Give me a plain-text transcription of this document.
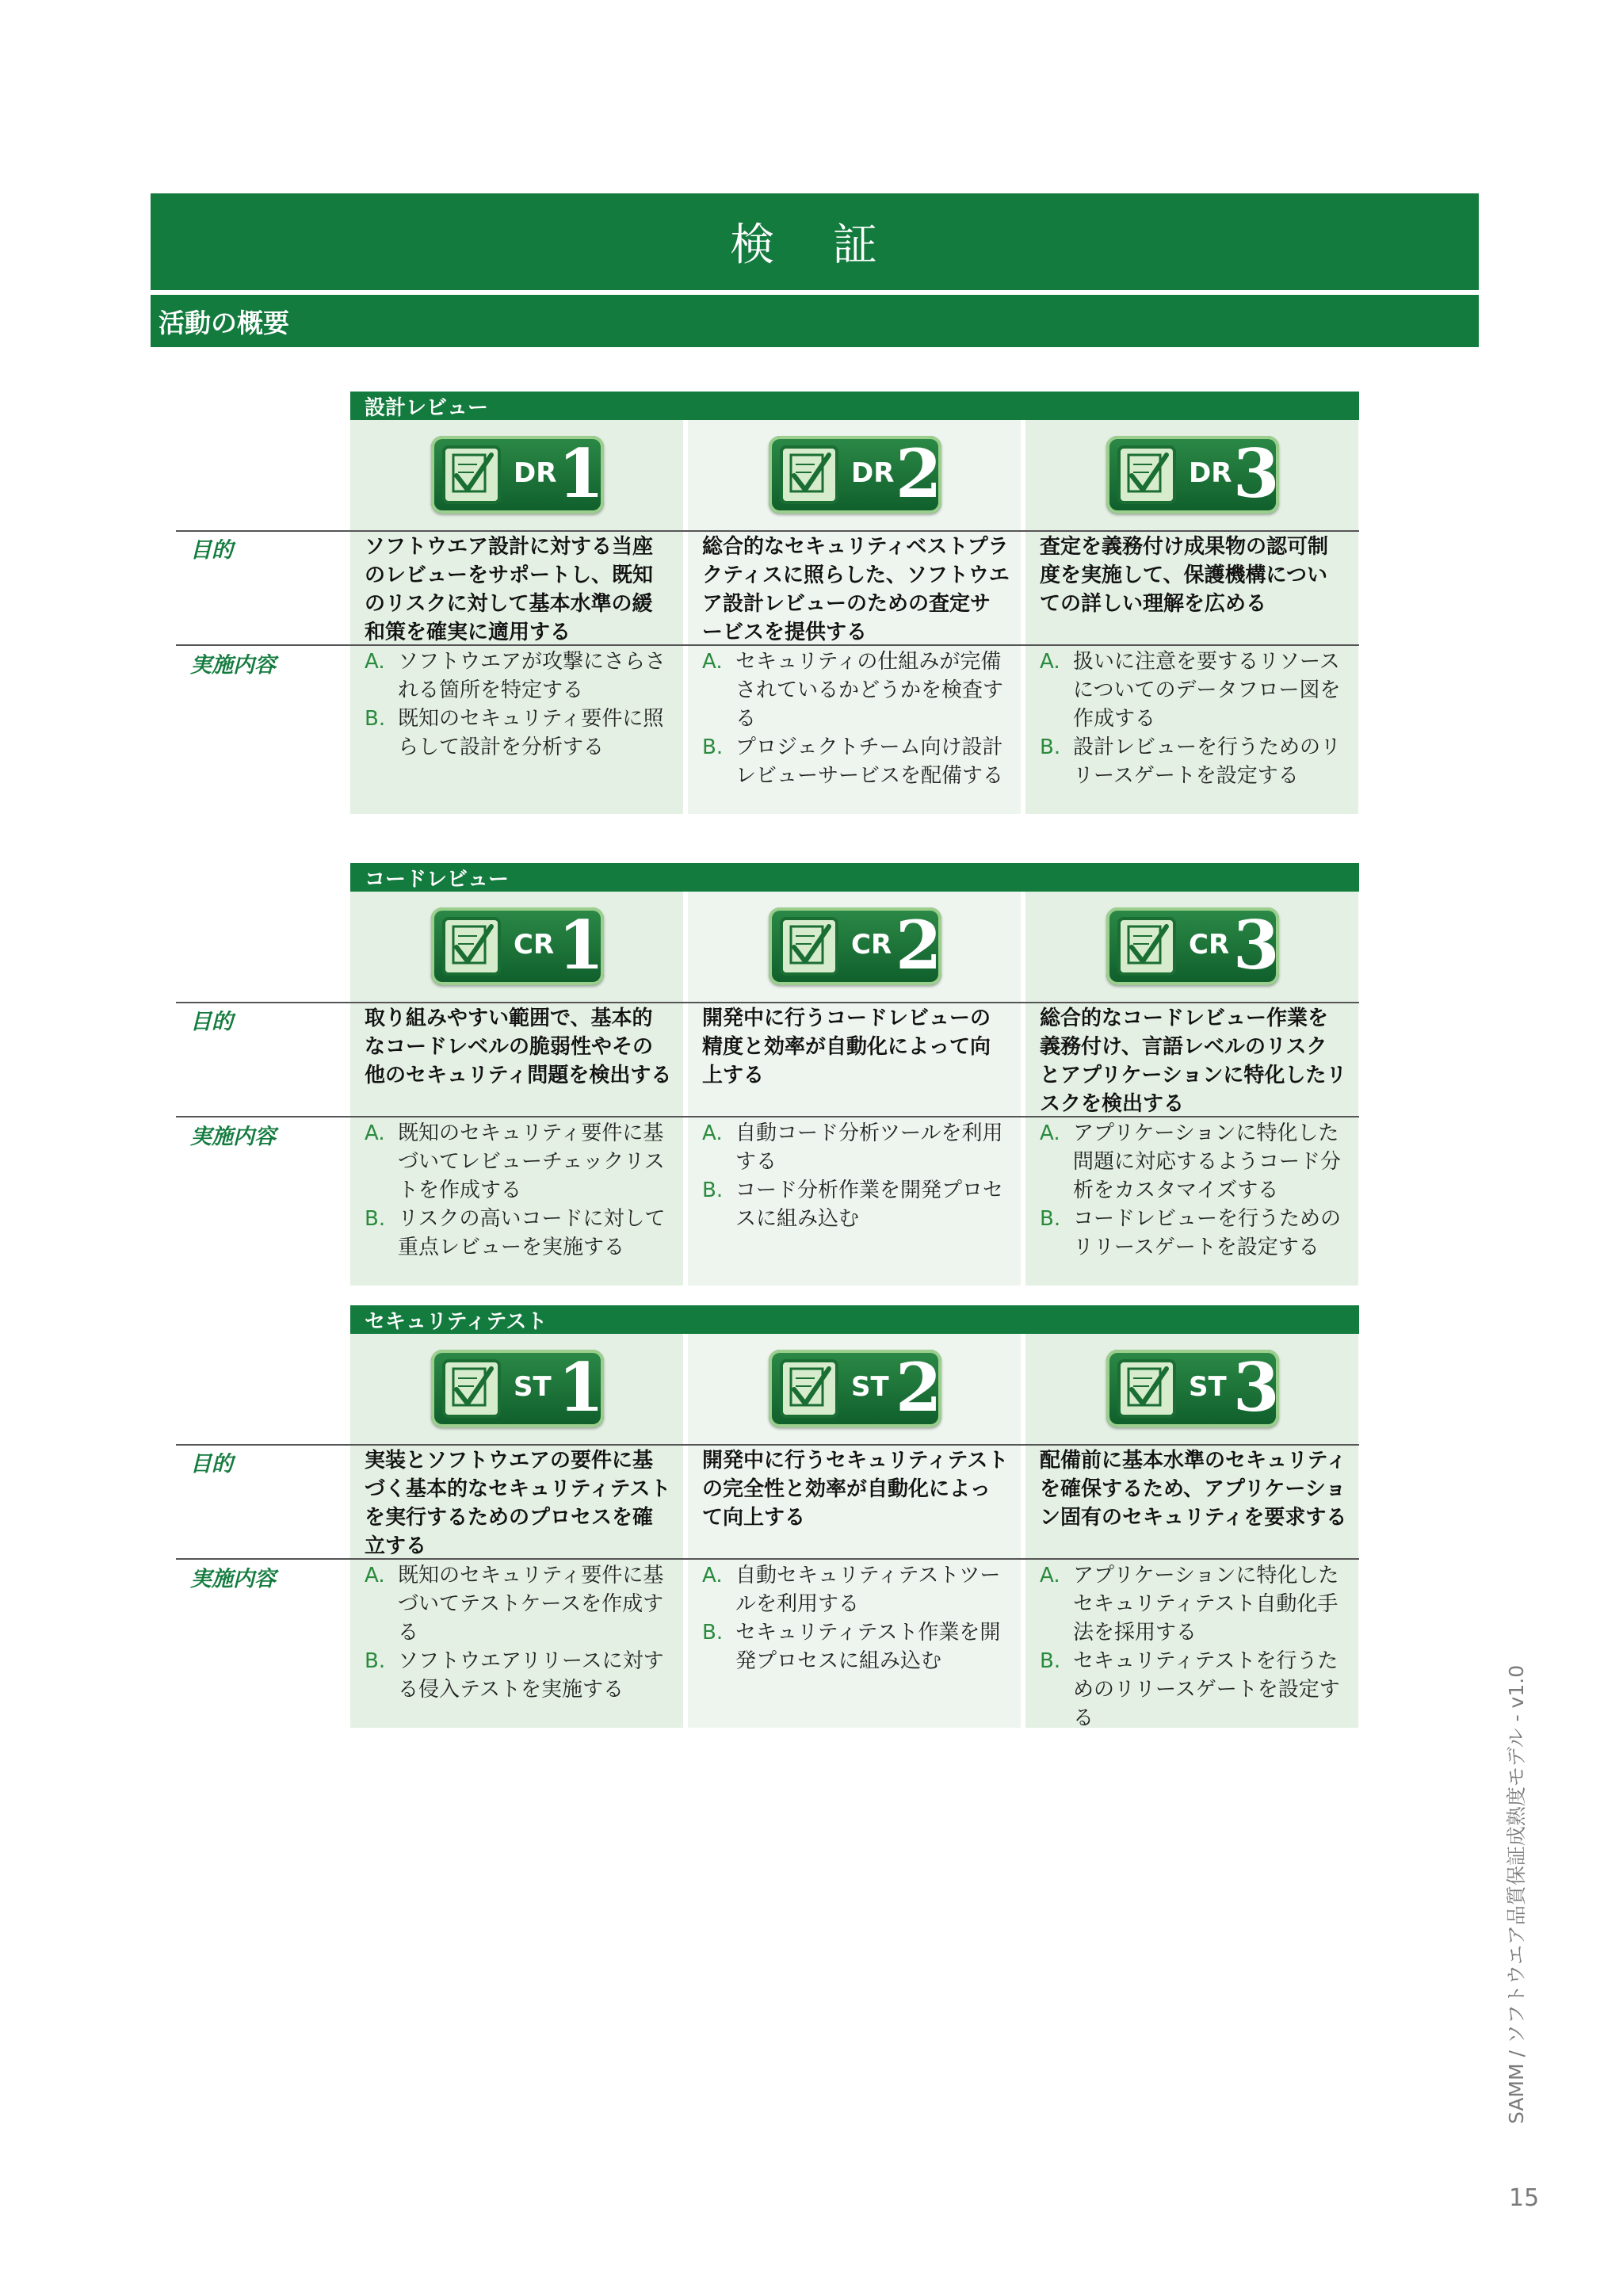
検 証
活動の概要
設計レビュー
DR 1
ソフトウエア設計に対する当座のレビューをサポートし、既知のリスクに対して基本水準の緩和策を確実に適用する
A. ソフトウエアが攻撃にさらされる箇所を特定する
B. 既知のセキュリティ要件に照らして設計を分析する
DR 2
総合的なセキュリティベストプラクティスに照らした、ソフトウエア設計レビューのための査定サービスを提供する
A. セキュリティの仕組みが完備されているかどうかを検査する
B. プロジェクトチーム向け設計レビューサービスを配備する
DR 3
査定を義務付け成果物の認可制度を実施して、保護機構についての詳しい理解を広める
A. 扱いに注意を要するリソースについてのデータフロー図を作成する
B. 設計レビューを行うためのリリースゲートを設定する
目的
実施内容
コードレビュー
CR 1
取り組みやすい範囲で、基本的なコードレベルの脆弱性やその他のセキュリティ問題を検出する
A. 既知のセキュリティ要件に基づいてレビューチェックリストを作成する
B. リスクの高いコードに対して重点レビューを実施する
CR 2
開発中に行うコードレビューの精度と効率が自動化によって向上する
A. 自動コード分析ツールを利用する
B. コード分析作業を開発プロセスに組み込む
CR 3
総合的なコードレビュー作業を義務付け、言語レベルのリスクとアプリケーションに特化したリスクを検出する
A. アプリケーションに特化した問題に対応するようコード分析をカスタマイズする
B. コードレビューを行うためのリリースゲートを設定する
目的
実施内容
セキュリティテスト
ST 1
実装とソフトウエアの要件に基づく基本的なセキュリティテストを実行するためのプロセスを確立する
A. 既知のセキュリティ要件に基づいてテストケースを作成する
B. ソフトウエアリリースに対する侵入テストを実施する
ST 2
開発中に行うセキュリティテストの完全性と効率が自動化によって向上する
A. 自動セキュリティテストツールを利用する
B. セキュリティテスト作業を開発プロセスに組み込む
ST 3
配備前に基本水準のセキュリティを確保するため、アプリケーション固有のセキュリティを要求する
A. アプリケーションに特化したセキュリティテスト自動化手法を採用する
B. セキュリティテストを行うためのリリースゲートを設定する
目的
実施内容
SAMM / ソフトウエア品質保証成熟度モデル - v1.0
15
